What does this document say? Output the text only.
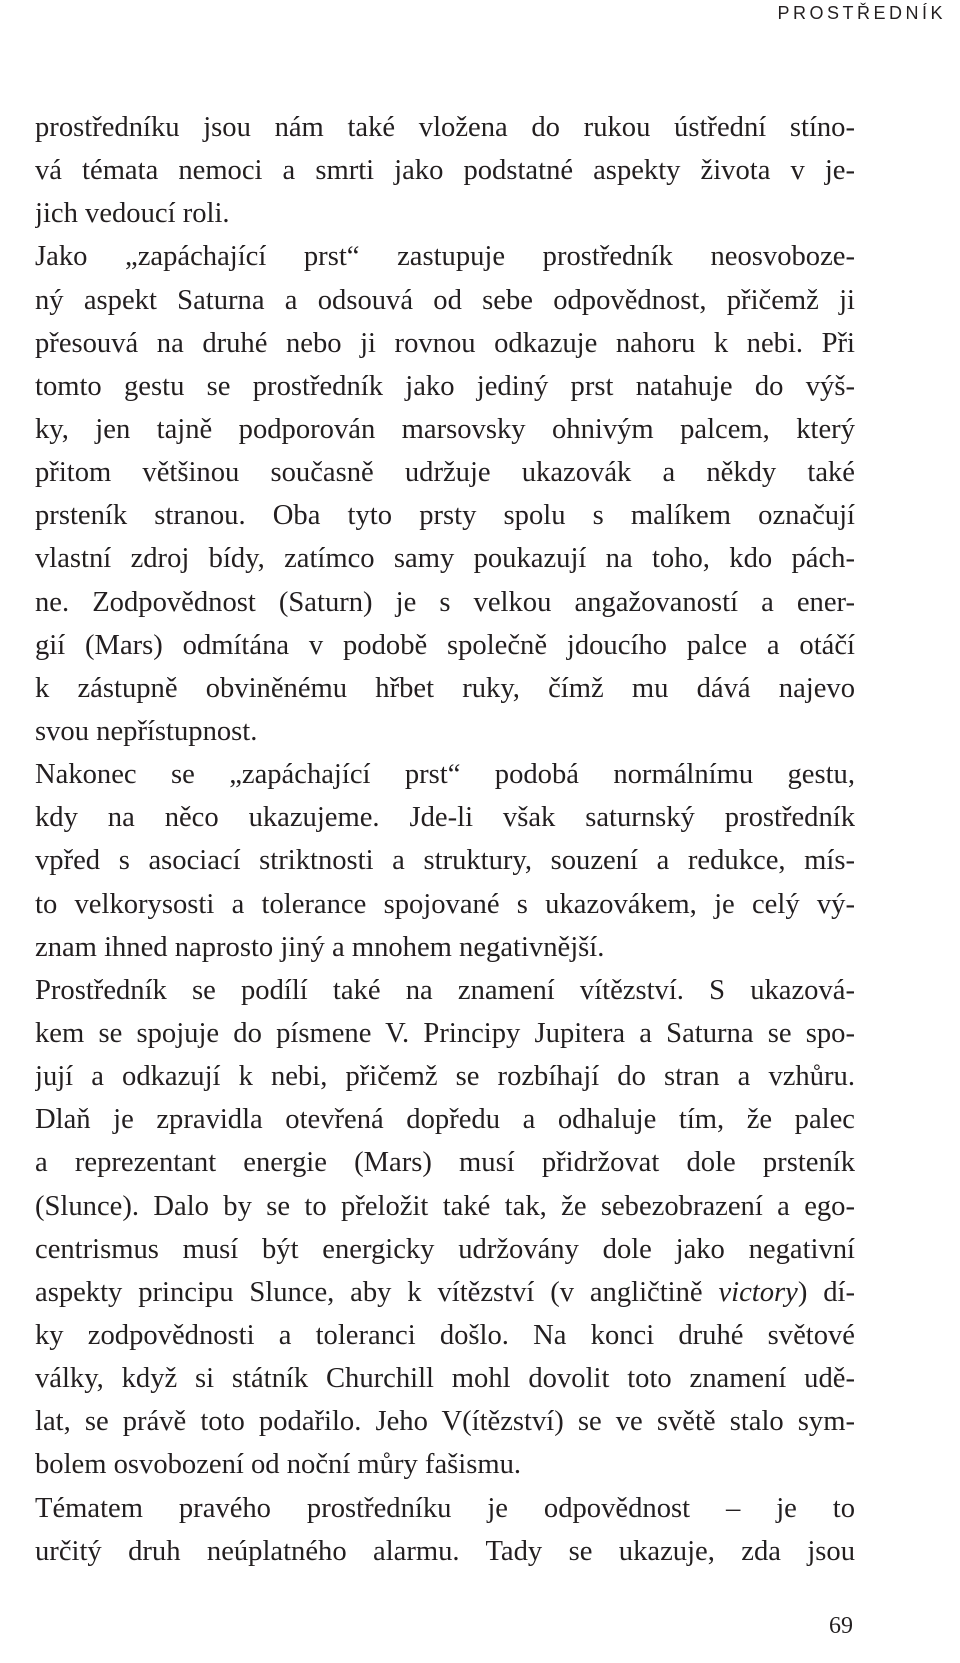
PROSTŘEDNÍK
prostředníku jsou nám také vložena do rukou ústřední stíno-
vá témata nemoci a smrti jako podstatné aspekty života v je-
jich vedoucí roli.
Jako „zapáchající prst“ zastupuje prostředník neosvoboze-
ný aspekt Saturna a odsouvá od sebe odpovědnost, přičemž ji
přesouvá na druhé nebo ji rovnou odkazuje nahoru k nebi. Při
tomto gestu se prostředník jako jediný prst natahuje do výš-
ky, jen tajně podporován marsovsky ohnivým palcem, který
přitom většinou současně udržuje ukazovák a někdy také
prsteník stranou. Oba tyto prsty spolu s malíkem označují
vlastní zdroj bídy, zatímco samy poukazují na toho, kdo pách-
ne. Zodpovědnost (Saturn) je s velkou angažovaností a ener-
gií (Mars) odmítána v podobě společně jdoucího palce a otáčí
k zástupně obviněnému hřbet ruky, čímž mu dává najevo
svou nepřístupnost.
Nakonec se „zapáchající prst“ podobá normálnímu gestu,
kdy na něco ukazujeme. Jde-li však saturnský prostředník
vpřed s asociací striktnosti a struktury, souzení a redukce, mís-
to velkorysosti a tolerance spojované s ukazovákem, je celý vý-
znam ihned naprosto jiný a mnohem negativnější.
Prostředník se podílí také na znamení vítězství. S ukazová-
kem se spojuje do písmene V. Principy Jupitera a Saturna se spo-
jují a odkazují k nebi, přičemž se rozbíhají do stran a vzhůru.
Dlaň je zpravidla otevřená dopředu a odhaluje tím, že palec
a reprezentant energie (Mars) musí přidržovat dole prsteník
(Slunce). Dalo by se to přeložit také tak, že sebezobrazení a ego-
centrismus musí být energicky udržovány dole jako negativní
aspekty principu Slunce, aby k vítězství (v angličtině victory) dí-
ky zodpovědnosti a toleranci došlo. Na konci druhé světové
války, když si státník Churchill mohl dovolit toto znamení udě-
lat, se právě toto podařilo. Jeho V(ítězství) se ve světě stalo sym-
bolem osvobození od noční můry fašismu.
Tématem pravého prostředníku je odpovědnost – je to
určitý druh neúplatného alarmu. Tady se ukazuje, zda jsou
69
